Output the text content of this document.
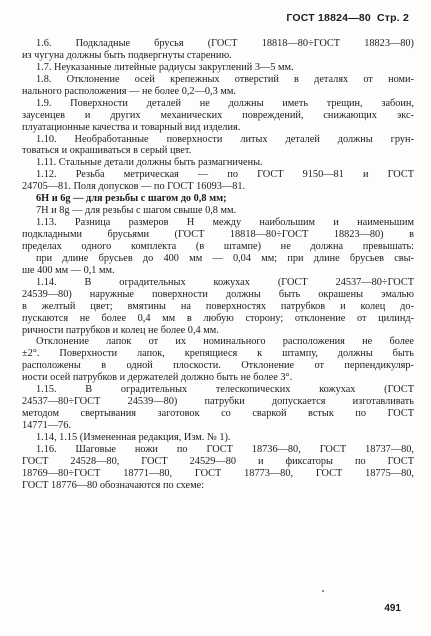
ГОСТ 18824—80 Стр. 2
1.6. Подкладные брусья (ГОСТ 18818—80÷ГОСТ 18823—80)
из чугуна должны быть подвергнуты старению.
1.7. Неуказанные литейные радиусы закруглений 3—5 мм.
1.8. Отклонение осей крепежных отверстий в деталях от номи-
нального расположения — не более 0,2—0,3 мм.
1.9. Поверхности деталей не должны иметь трещин, забоин,
заусенцев и других механических повреждений, снижающих экс-
плуатационные качества и товарный вид изделия.
1.10. Необработанные поверхности литых деталей должны грун-
товаться и окрашиваться в серый цвет.
1.11. Стальные детали должны быть размагничены.
1.12. Резьба метрическая — по ГОСТ 9150—81 и ГОСТ
24705—81. Поля допусков — по ГОСТ 16093—81.
6H и 6g — для резьбы с шагом до 0,8 мм;
7H и 8g — для резьбы с шагом свыше 0,8 мм.
1.13. Разница размеров H между наибольшим и наименьшим
подкладными брусьями (ГОСТ 18818—80÷ГОСТ 18823—80) в
пределах одного комплекта (в штампе) не должна превышать:
при длине брусьев до 400 мм — 0,04 мм; при длине брусьев свы-
ше 400 мм — 0,1 мм.
1.14. В оградительных кожухах (ГОСТ 24537—80÷ГОСТ
24539—80) наружные поверхности должны быть окрашены эмалью
в желтый цвет; вмятины на поверхностях патрубков и колец до-
пускаются не более 0,4 мм в любую сторону; отклонение от цилинд-
ричности патрубков и колец не более 0,4 мм.
Отклонение лапок от их номинального расположения не более
±2°. Поверхности лапок, крепящиеся к штампу, должны быть
расположены в одной плоскости. Отклонение от перпендикуляр-
ности осей патрубков и держателей должно быть не более 3°.
1.15. В оградительных телескопических кожухах (ГОСТ
24537—80÷ГОСТ 24539—80) патрубки допускается изготавливать
методом свертывания заготовок со сваркой встык по ГОСТ
14771—76.
1.14, 1.15 (Измененная редакция, Изм. № 1).
1.16. Шаговые ножи по ГОСТ 18736—80, ГОСТ 18737—80,
ГОСТ 24528—80, ГОСТ 24529—80 и фиксаторы по ГОСТ
18769—80÷ГОСТ 18771—80, ГОСТ 18773—80, ГОСТ 18775—80,
ГОСТ 18776—80 обозначаются по схеме:
491
